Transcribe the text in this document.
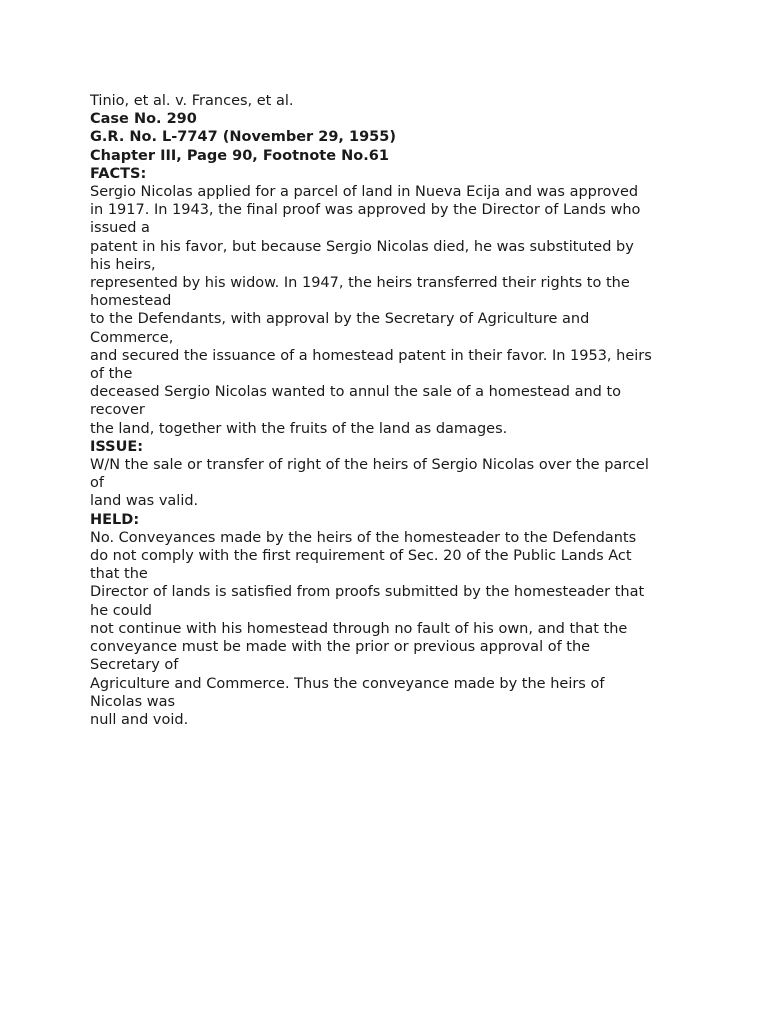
Tinio, et al. v. Frances, et al.
Case No. 290
G.R. No. L-7747 (November 29, 1955)
Chapter III, Page 90, Footnote No.61
FACTS:
Sergio Nicolas applied for a parcel of land in Nueva Ecija and was approved
in 1917. In 1943, the final proof was approved by the Director of Lands who
issued a
patent in his favor, but because Sergio Nicolas died, he was substituted by
his heirs,
represented by his widow. In 1947, the heirs transferred their rights to the
homestead
to the Defendants, with approval by the Secretary of Agriculture and
Commerce,
and secured the issuance of a homestead patent in their favor. In 1953, heirs
of the
deceased Sergio Nicolas wanted to annul the sale of a homestead and to
recover
the land, together with the fruits of the land as damages.
ISSUE:
W/N the sale or transfer of right of the heirs of Sergio Nicolas over the parcel
of
land was valid.
HELD:
No. Conveyances made by the heirs of the homesteader to the Defendants
do not comply with the first requirement of Sec. 20 of the Public Lands Act
that the
Director of lands is satisfied from proofs submitted by the homesteader that
he could
not continue with his homestead through no fault of his own, and that the
conveyance must be made with the prior or previous approval of the
Secretary of
Agriculture and Commerce. Thus the conveyance made by the heirs of
Nicolas was
null and void.
